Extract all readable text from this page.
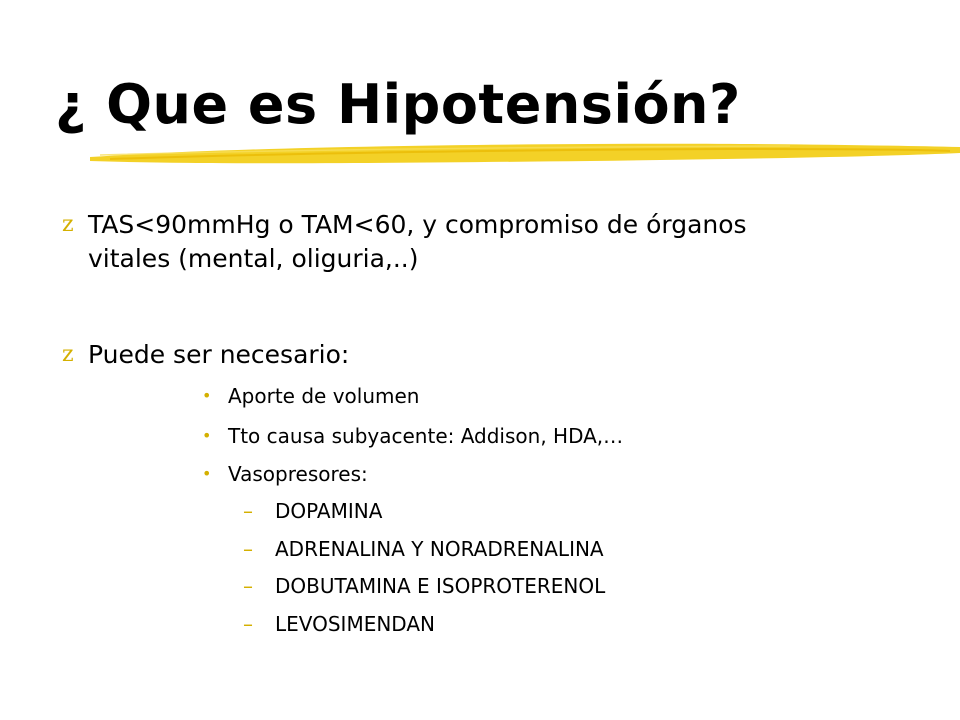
¿ Que es Hipotensión?
z TAS<90mmHg o TAM<60, y compromiso de órganos
vitales (mental, oliguria,..)
z Puede ser necesario:
• Aporte de volumen
• Tto causa subyacente: Addison, HDA,…
• Vasopresores:
– DOPAMINA
– ADRENALINA Y NORADRENALINA
– DOBUTAMINA E ISOPROTERENOL
– LEVOSIMENDAN
